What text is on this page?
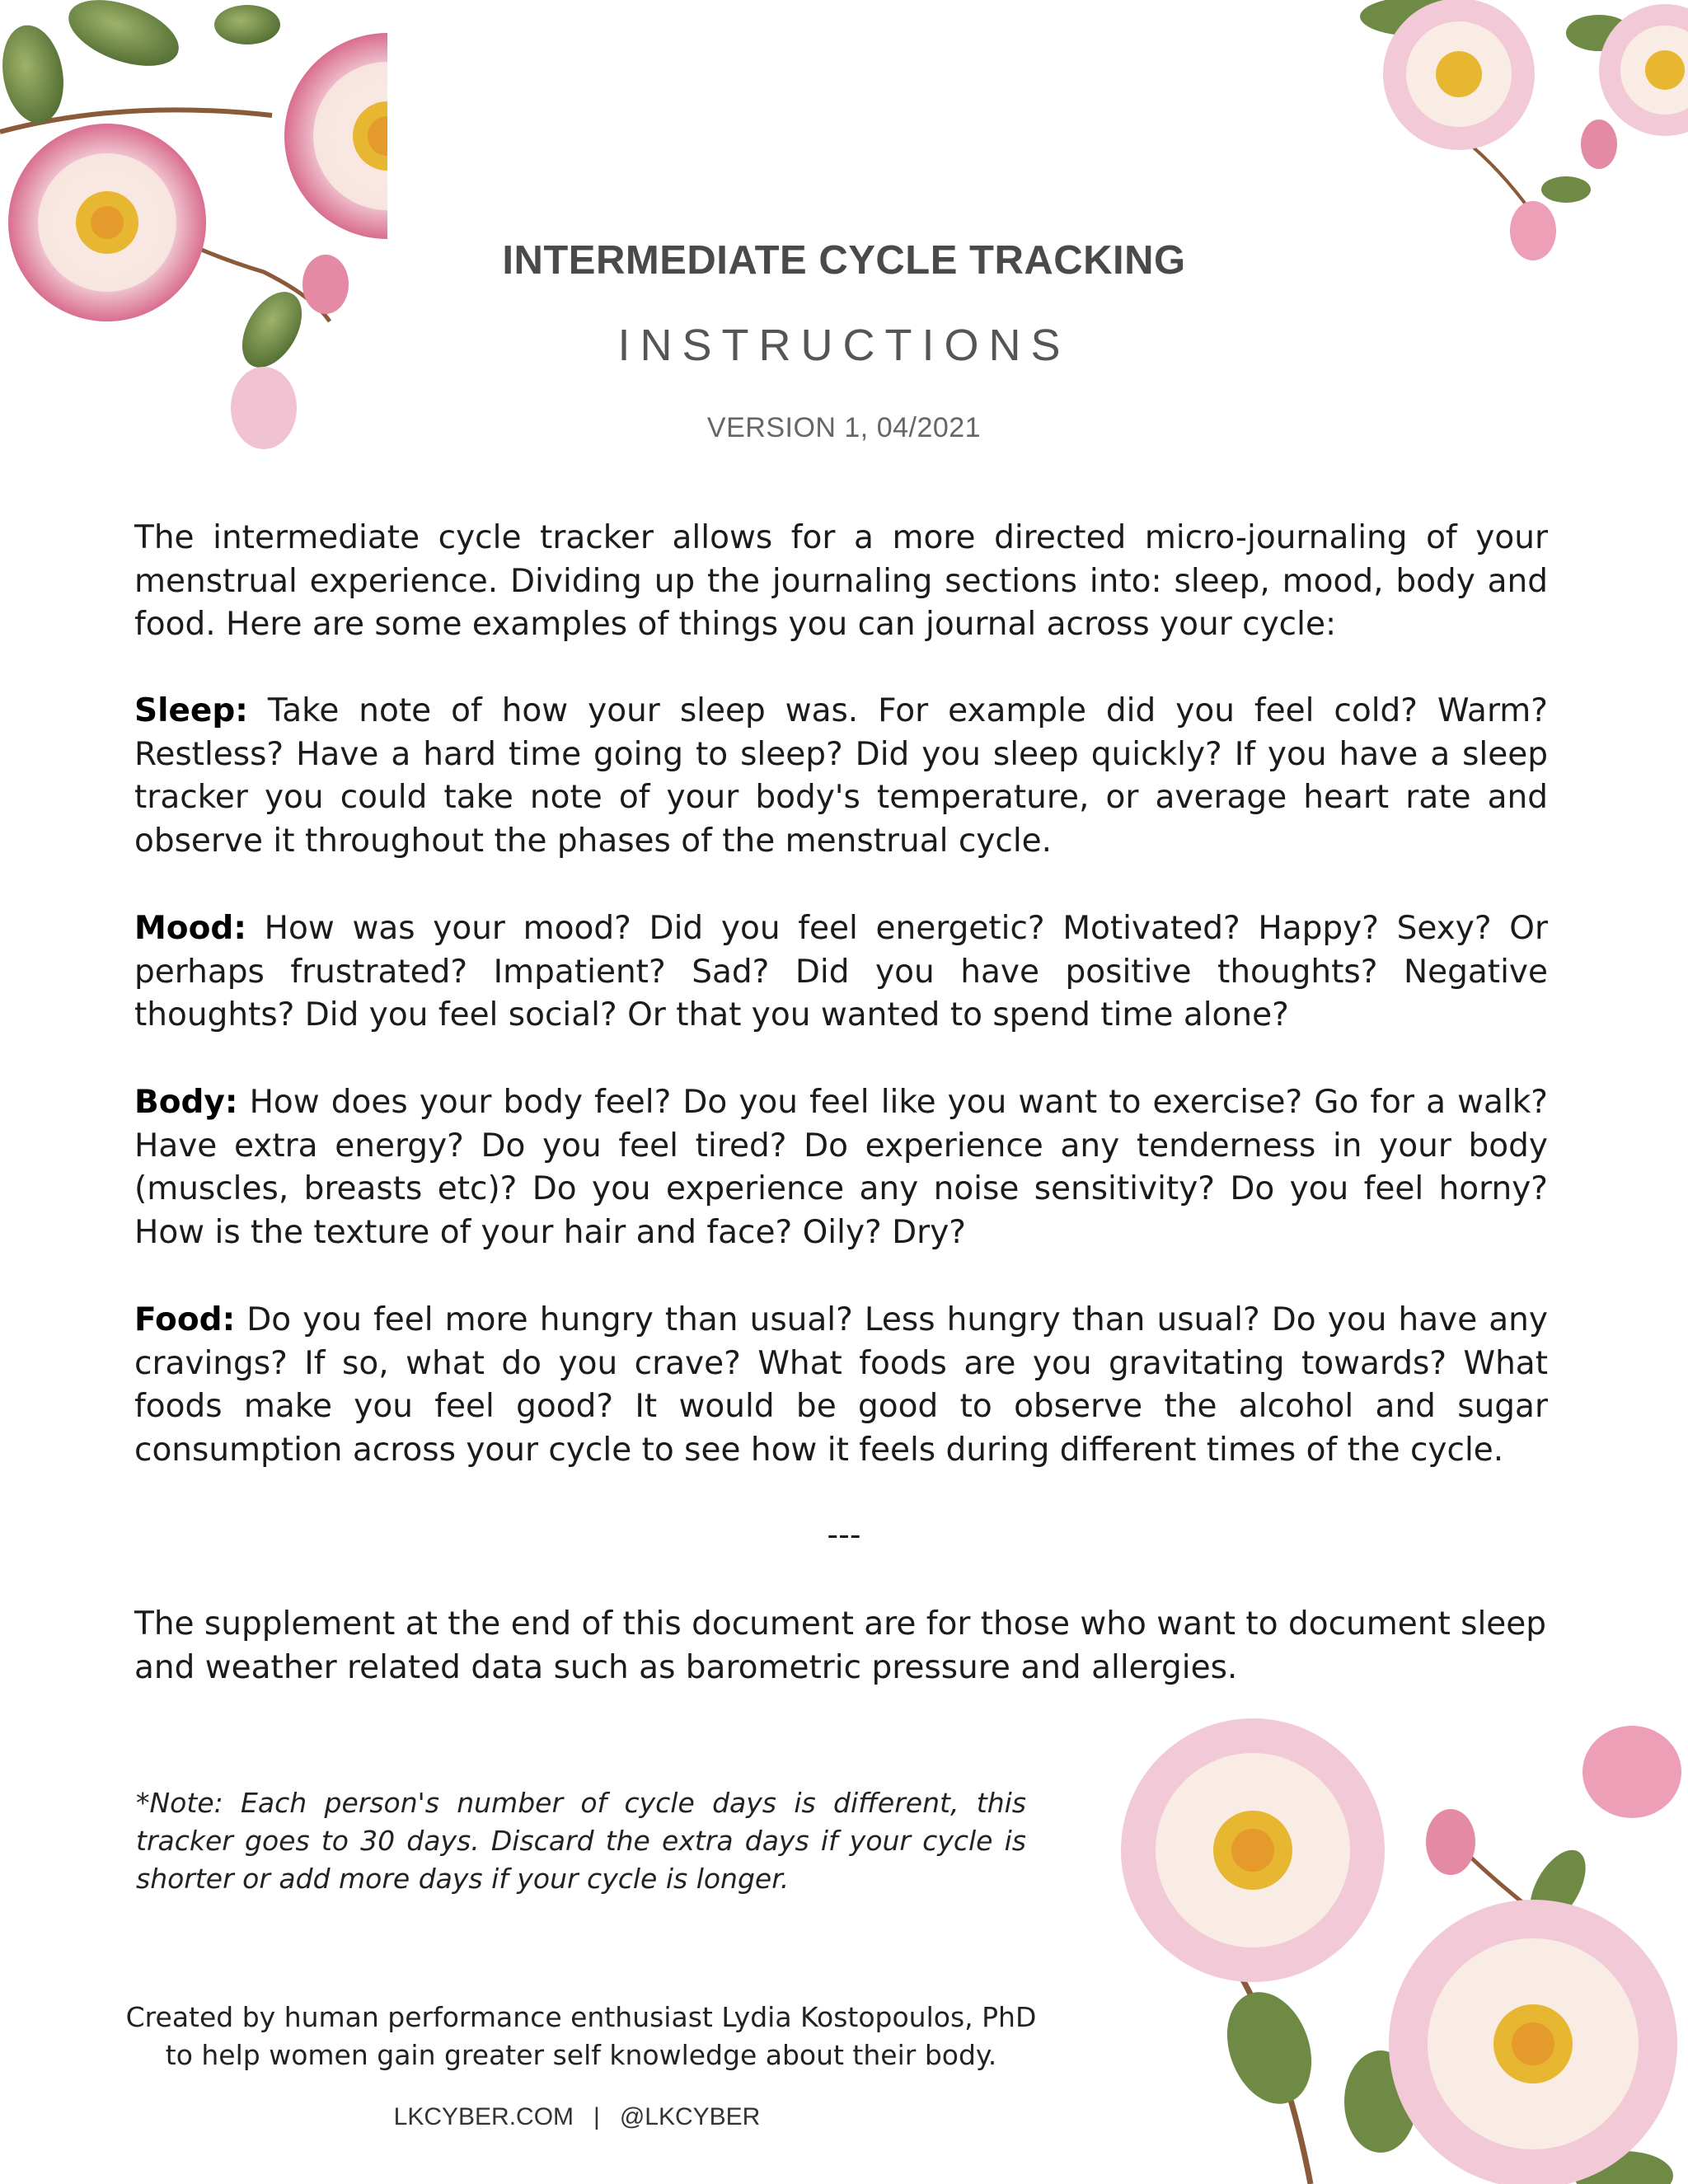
INTERMEDIATE CYCLE TRACKING
INSTRUCTIONS
VERSION 1, 04/2021
The intermediate cycle tracker allows for a more directed micro-journaling of your menstrual experience. Dividing up the journaling sections into: sleep, mood, body and food. Here are some examples of things you can journal across your cycle:
Sleep: Take note of how your sleep was. For example did you feel cold? Warm? Restless? Have a hard time going to sleep? Did you sleep quickly? If you have a sleep tracker you could take note of your body's temperature, or average heart rate and observe it throughout the phases of the menstrual cycle.
Mood: How was your mood? Did you feel energetic? Motivated? Happy? Sexy? Or perhaps frustrated? Impatient? Sad? Did you have positive thoughts? Negative thoughts? Did you feel social? Or that you wanted to spend time alone?
Body: How does your body feel? Do you feel like you want to exercise? Go for a walk? Have extra energy? Do you feel tired? Do experience any tenderness in your body (muscles, breasts etc)? Do you experience any noise sensitivity? Do you feel horny? How is the texture of your hair and face? Oily? Dry?
Food: Do you feel more hungry than usual? Less hungry than usual? Do you have any cravings? If so, what do you crave? What foods are you gravitating towards? What foods make you feel good? It would be good to observe the alcohol and sugar consumption across your cycle to see how it feels during different times of the cycle.
---
The supplement at the end of this document are for those who want to document sleep and weather related data such as barometric pressure and allergies.
*Note: Each person's number of cycle days is different, this tracker goes to 30 days. Discard the extra days if your cycle is shorter or add more days if your cycle is longer.
Created by human performance enthusiast Lydia Kostopoulos, PhD
to help women gain greater self knowledge about their body.
LKCYBER.COM | @LKCYBER
